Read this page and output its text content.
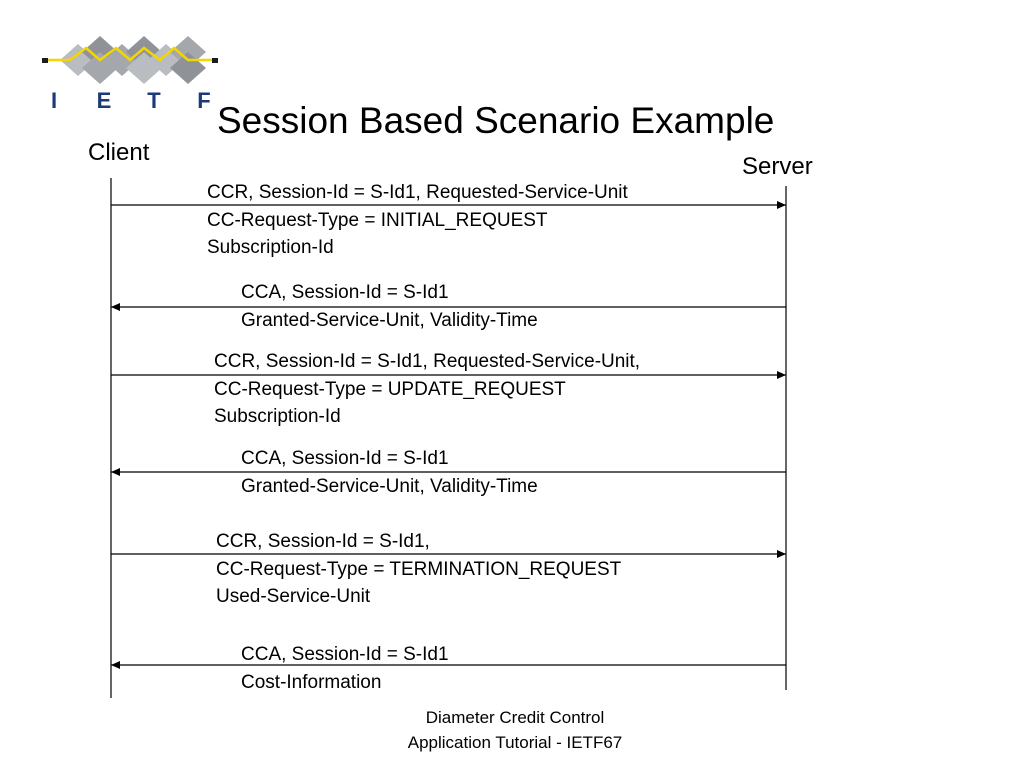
I	E T F Session Based Scenario Example
Client
Server
CCR, Session-Id = S-Id1, Requested-Service-Unit
CC-Request-Type = INITIAL_REQUEST
Subscription-Id
CCA, Session-Id = S-Id1
Granted-Service-Unit, Validity-Time
CCR, Session-Id = S-Id1, Requested-Service-Unit,
CC-Request-Type = UPDATE_REQUEST
Subscription-Id
CCA, Session-Id = S-Id1
Granted-Service-Unit, Validity-Time
CCR, Session-Id = S-Id1,
CC-Request-Type = TERMINATION_REQUEST
Used-Service-Unit
CCA, Session-Id = S-Id1
Cost-Information
Diameter Credit Control
Application Tutorial - IETF67
